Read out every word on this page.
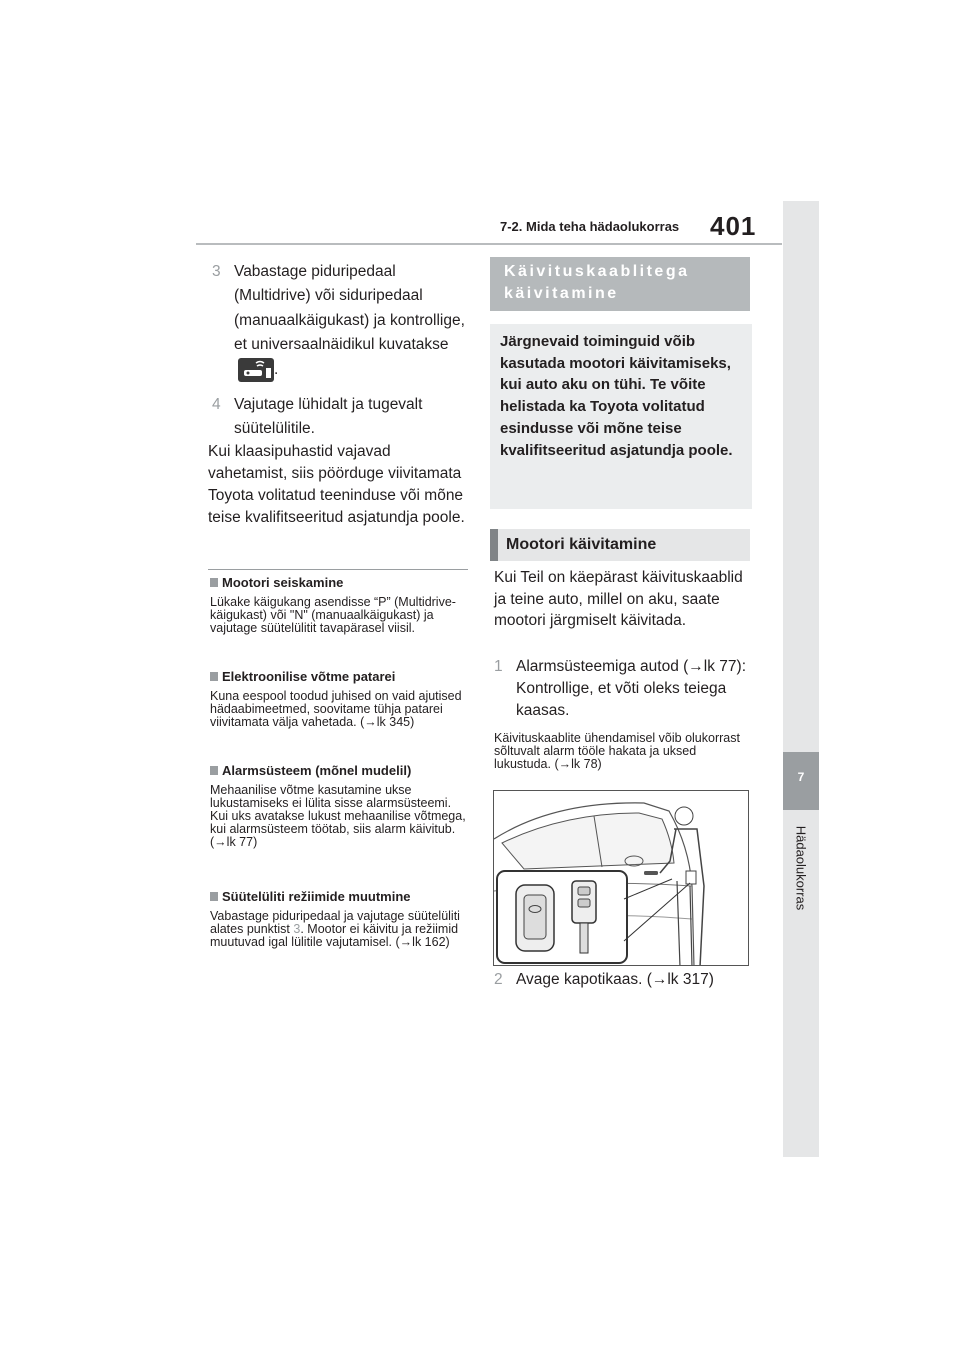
7-2. Mida teha hädaolukorras 401
7
Hädaolukorras
3 Vabastage piduripedaal (Multidrive) või siduripedaal (manuaalkäigukast) ja kontrollige, et universaalnäidikul kuvatakse
.
4 Vajutage lühidalt ja tugevalt süütelülitile.
Kui klaasipuhastid vajavad vahetamist, siis pöörduge viivitamata Toyota volitatud teeninduse või mõne teise kvalifitseeritud asjatundja poole.
Mootori seiskamine
Lükake käigukang asendisse “P” (Multidrive-käigukast) või "N" (manuaalkäigukast) ja vajutage süütelülitit tavapärasel viisil.
Elektroonilise võtme patarei
Kuna eespool toodud juhised on vaid ajutised hädaabimeetmed, soovitame tühja patarei viivitamata välja vahetada. (→lk 345)
Alarmsüsteem (mõnel mudelil)
Mehaanilise võtme kasutamine ukse lukustamiseks ei lülita sisse alarmsüsteemi. Kui uks avatakse lukust mehaanilise võtmega, kui alarmsüsteem töötab, siis alarm käivitub. (→lk 77)
Süütelüliti režiimide muutmine
Vabastage piduripedaal ja vajutage süütelüliti alates punktist 3. Mootor ei käivitu ja režiimid muutuvad igal lülitile vajutamisel. (→lk 162)
Käivituskaablitega käivitamine
Järgnevaid toiminguid võib kasutada mootori käivitamiseks, kui auto aku on tühi. Te võite helistada ka Toyota volitatud esindusse või mõne teise kvalifitseeritud asjatundja poole.
Mootori käivitamine
Kui Teil on käepärast käivituskaablid ja teine auto, millel on aku, saate mootori järgmiselt käivitada.
1 Alarmsüsteemiga autod (→lk 77): Kontrollige, et võti oleks teiega kaasas.
Käivituskaablite ühendamisel võib olukorrast sõltuvalt alarm tööle hakata ja uksed lukustuda. (→lk 78)
2 Avage kapotikaas. (→lk 317)
